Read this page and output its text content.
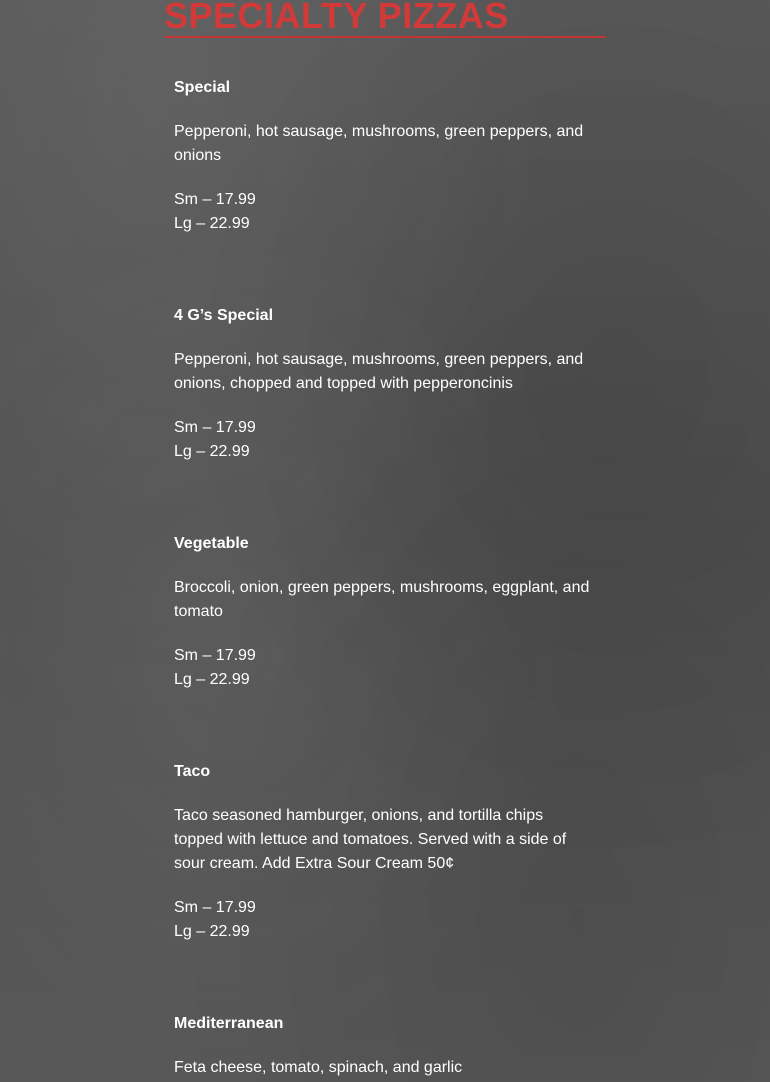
SPECIALTY PIZZAS

Special

Pepperoni, hot sausage, mushrooms, green peppers, and onions

Sm – 17.99

Lg – 22.99

4 G’s Special

Pepperoni, hot sausage, mushrooms, green peppers, and onions, chopped and topped with pepperoncinis

Sm – 17.99

Lg – 22.99

Vegetable

Broccoli, onion, green peppers, mushrooms, eggplant, and tomato

Sm – 17.99

Lg – 22.99

Taco

Taco seasoned hamburger, onions, and tortilla chips topped with lettuce and tomatoes. Served with a side of sour cream. Add Extra Sour Cream 50¢

Sm – 17.99

Lg – 22.99

Mediterranean

Feta cheese, tomato, spinach, and garlic
